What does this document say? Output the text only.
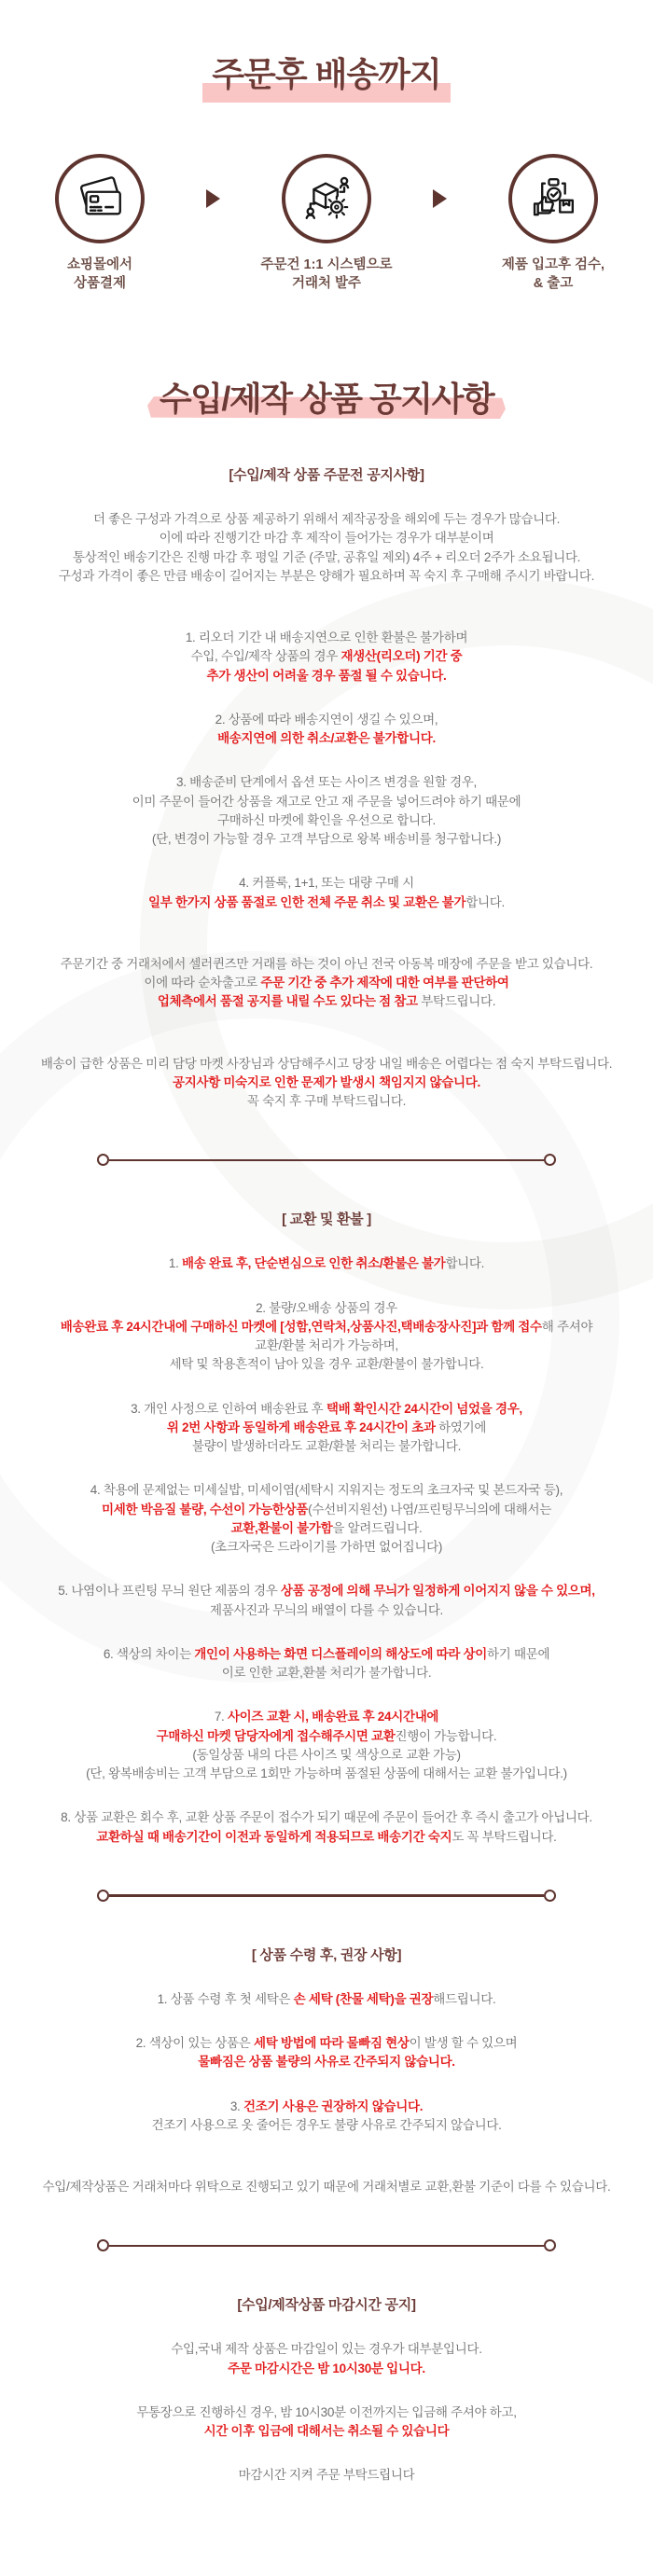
주문후 배송까지
쇼핑몰에서
상품결제
주문건 1:1 시스템으로
거래처 발주
제품 입고후 검수,
& 출고
수입/제작 상품 공지사항
[수입/제작 상품 주문전 공지사항]

더 좋은 구성과 가격으로 상품 제공하기 위해서 제작공장을 해외에 두는 경우가 많습니다.
이에 따라 진행기간 마감 후 제작이 들어가는 경우가 대부분이며
통상적인 배송기간은 진행 마감 후 평일 기준 (주말, 공휴일 제외) 4주 + 리오더 2주가 소요됩니다.
구성과 가격이 좋은 만큼 배송이 길어지는 부분은 양해가 필요하며 꼭 숙지 후 구매해 주시기 바랍니다.

1. 리오더 기간 내 배송지연으로 인한 환불은 불가하며
수입, 수입/제작 상품의 경우 재생산(리오더) 기간 중
추가 생산이 어려울 경우 품절 될 수 있습니다.

2. 상품에 따라 배송지연이 생길 수 있으며,
배송지연에 의한 취소/교환은 불가합니다.

3. 배송준비 단계에서 옵션 또는 사이즈 변경을 원할 경우,
이미 주문이 들어간 상품을 재고로 안고 재 주문을 넣어드려야 하기 때문에
구매하신 마켓에 확인을 우선으로 합니다.
(단, 변경이 가능할 경우 고객 부담으로 왕복 배송비를 청구합니다.)

4. 커플룩, 1+1, 또는 대량 구매 시
일부 한가지 상품 품절로 인한 전체 주문 취소 및 교환은 불가합니다.

주문기간 중 거래처에서 셀러퀸즈만 거래를 하는 것이 아닌 전국 아동복 매장에 주문을 받고 있습니다.
이에 따라 순차출고로 주문 기간 중 추가 제작에 대한 여부를 판단하여
업체측에서 품절 공지를 내릴 수도 있다는 점 참고 부탁드립니다.

배송이 급한 상품은 미리 담당 마켓 사장님과 상담해주시고 당장 내일 배송은 어렵다는 점 숙지 부탁드립니다.
공지사항 미숙지로 인한 문제가 발생시 책임지지 않습니다.
꼭 숙지 후 구매 부탁드립니다.

[ 교환 및 환불 ]

1. 배송 완료 후, 단순변심으로 인한 취소/환불은 불가합니다.

2. 불량/오배송 상품의 경우
배송완료 후 24시간내에 구매하신 마켓에 [성함,연락처,상품사진,택배송장사진]과 함께 접수해 주셔야
교환/환불 처리가 가능하며,
세탁 및 착용흔적이 남아 있을 경우 교환/환불이 불가합니다.

3. 개인 사정으로 인하여 배송완료 후 택배 확인시간 24시간이 넘었을 경우,
위 2번 사항과 동일하게 배송완료 후 24시간이 초과 하였기에
불량이 발생하더라도 교환/환불 처리는 불가합니다.

4. 착용에 문제없는 미세실밥, 미세이염(세탁시 지워지는 정도의 초크자국 및 본드자국 등),
미세한 박음질 불량, 수선이 가능한상품(수선비지원선) 나염/프린팅무늬의에 대해서는
교환,환불이 불가함을 알려드립니다.
(초크자국은 드라이기를 가하면 없어집니다)

5. 나염이나 프린팅 무늬 원단 제품의 경우 상품 공정에 의해 무늬가 일정하게 이어지지 않을 수 있으며,
제품사진과 무늬의 배열이 다를 수 있습니다.

6. 색상의 차이는 개인이 사용하는 화면 디스플레이의 해상도에 따라 상이하기 때문에
이로 인한 교환,환불 처리가 불가합니다.

7. 사이즈 교환 시, 배송완료 후 24시간내에
구매하신 마켓 담당자에게 접수해주시면 교환진행이 가능합니다.
(동일상품 내의 다른 사이즈 및 색상으로 교환 가능)
(단, 왕복배송비는 고객 부담으로 1회만 가능하며 품절된 상품에 대해서는 교환 불가입니다.)

8. 상품 교환은 회수 후, 교환 상품 주문이 접수가 되기 때문에 주문이 들어간 후 즉시 출고가 아닙니다.
교환하실 때 배송기간이 이전과 동일하게 적용되므로 배송기간 숙지도 꼭 부탁드립니다.

[ 상품 수령 후, 권장 사항]

1. 상품 수령 후 첫 세탁은 손 세탁 (찬물 세탁)을 권장해드립니다.

2. 색상이 있는 상품은 세탁 방법에 따라 물빠짐 현상이 발생 할 수 있으며
물빠짐은 상품 불량의 사유로 간주되지 않습니다.

3. 건조기 사용은 권장하지 않습니다.
건조기 사용으로 옷 줄어든 경우도 불량 사유로 간주되지 않습니다.

수입/제작상품은 거래처마다 위탁으로 진행되고 있기 때문에 거래처별로 교환,환불 기준이 다를 수 있습니다.

[수입/제작상품 마감시간 공지]

수입,국내 제작 상품은 마감일이 있는 경우가 대부분입니다.
주문 마감시간은 밤 10시30분 입니다.

무통장으로 진행하신 경우, 밤 10시30분 이전까지는 입금해 주셔야 하고,
시간 이후 입금에 대해서는 취소될 수 있습니다

마감시간 지켜 주문 부탁드립니다
